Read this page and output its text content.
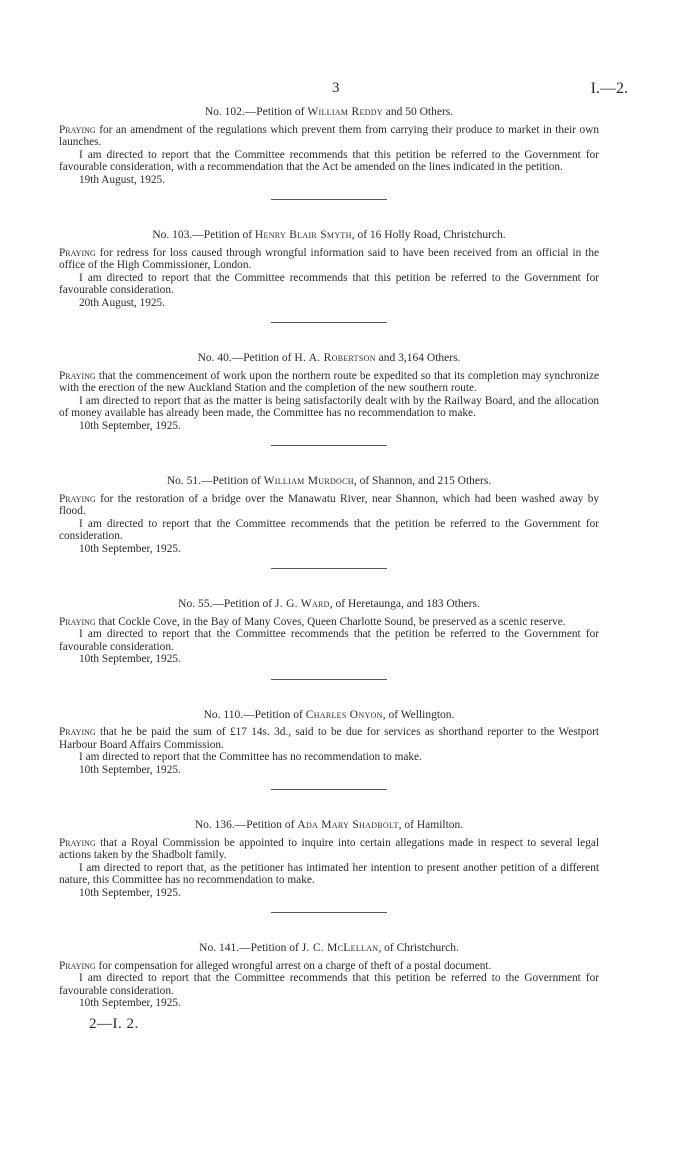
3	I.—2.
No. 102.—Petition of William Reddy and 50 Others.

Praying for an amendment of the regulations which prevent them from carrying their produce to market in their own launches.

I am directed to report that the Committee recommends that this petition be referred to the Government for favourable consideration, with a recommendation that the Act be amended on the lines indicated in the petition.

19th August, 1925.
No. 103.—Petition of Henry Blair Smyth, of 16 Holly Road, Christchurch.

Praying for redress for loss caused through wrongful information said to have been received from an official in the office of the High Commissioner, London.

I am directed to report that the Committee recommends that this petition be referred to the Government for favourable consideration.

20th August, 1925.
No. 40.—Petition of H. A. Robertson and 3,164 Others.

Praying that the commencement of work upon the northern route be expedited so that its completion may synchronize with the erection of the new Auckland Station and the completion of the new southern route.

I am directed to report that as the matter is being satisfactorily dealt with by the Railway Board, and the allocation of money available has already been made, the Committee has no recommendation to make.

10th September, 1925.
No. 51.—Petition of William Murdoch, of Shannon, and 215 Others.

Praying for the restoration of a bridge over the Manawatu River, near Shannon, which had been washed away by flood.

I am directed to report that the Committee recommends that the petition be referred to the Government for consideration.

10th September, 1925.
No. 55.—Petition of J. G. Ward, of Heretaunga, and 183 Others.

Praying that Cockle Cove, in the Bay of Many Coves, Queen Charlotte Sound, be preserved as a scenic reserve.

I am directed to report that the Committee recommends that the petition be referred to the Government for favourable consideration.

10th September, 1925.
No. 110.—Petition of Charles Onyon, of Wellington.

Praying that he be paid the sum of £17 14s. 3d., said to be due for services as shorthand reporter to the Westport Harbour Board Affairs Commission.

I am directed to report that the Committee has no recommendation to make.

10th September, 1925.
No. 136.—Petition of Ada Mary Shadbolt, of Hamilton.

Praying that a Royal Commission be appointed to inquire into certain allegations made in respect to several legal actions taken by the Shadbolt family.

I am directed to report that, as the petitioner has intimated her intention to present another petition of a different nature, this Committee has no recommendation to make.

10th September, 1925.
No. 141.—Petition of J. C. McLellan, of Christchurch.

Praying for compensation for alleged wrongful arrest on a charge of theft of a postal document.

I am directed to report that the Committee recommends that this petition be referred to the Government for favourable consideration.

10th September, 1925.
2—I. 2.
